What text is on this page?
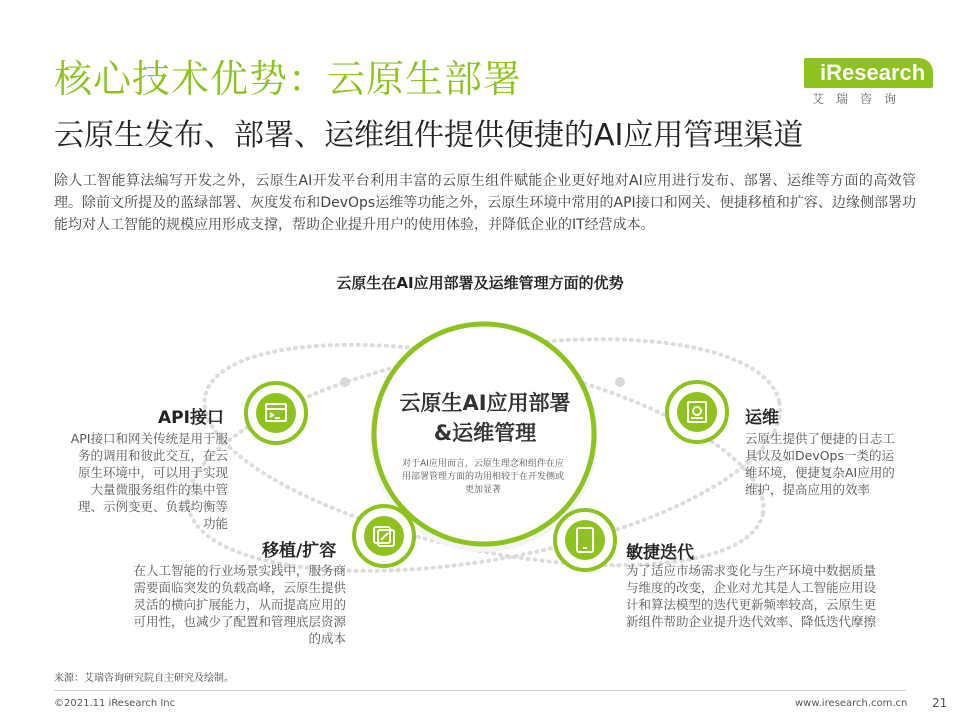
核心技术优势：云原生部署
云原生发布、部署、运维组件提供便捷的AI应用管理渠道
iResearch
艾瑞咨询
除人工智能算法编写开发之外，云原生AI开发平台利用丰富的云原生组件赋能企业更好地对AI应用进行发布、部署、运维等方面的高效管理。除前文所提及的蓝绿部署、灰度发布和DevOps运维等功能之外，云原生环境中常用的API接口和网关、便捷移植和扩容、边缘侧部署功能均对人工智能的规模应用形成支撑，帮助企业提升用户的使用体验，并降低企业的IT经营成本。
云原生在AI应用部署及运维管理方面的优势
云原生AI应用部署
&运维管理
对于AI应用而言，云原生理念和组件在应用部署管理方面的功用相较于在开发侧或更加显著
API接口
API接口和网关传统是用于服务的调用和彼此交互，在云原生环境中，可以用于实现大量微服务组件的集中管理、示例变更、负载均衡等功能
运维
云原生提供了便捷的日志工具以及如DevOps一类的运维环境，便捷复杂AI应用的维护，提高应用的效率
移植/扩容
在人工智能的行业场景实践中，服务商需要面临突发的负载高峰，云原生提供灵活的横向扩展能力，从而提高应用的可用性，也减少了配置和管理底层资源的成本
敏捷迭代
为了适应市场需求变化与生产环境中数据质量与维度的改变，企业对尤其是人工智能应用设计和算法模型的迭代更新频率较高，云原生更新组件帮助企业提升迭代效率、降低迭代摩擦
来源：艾瑞咨询研究院自主研究及绘制。
©2021.11 iResearch Inc	www.iresearch.com.cn 21
